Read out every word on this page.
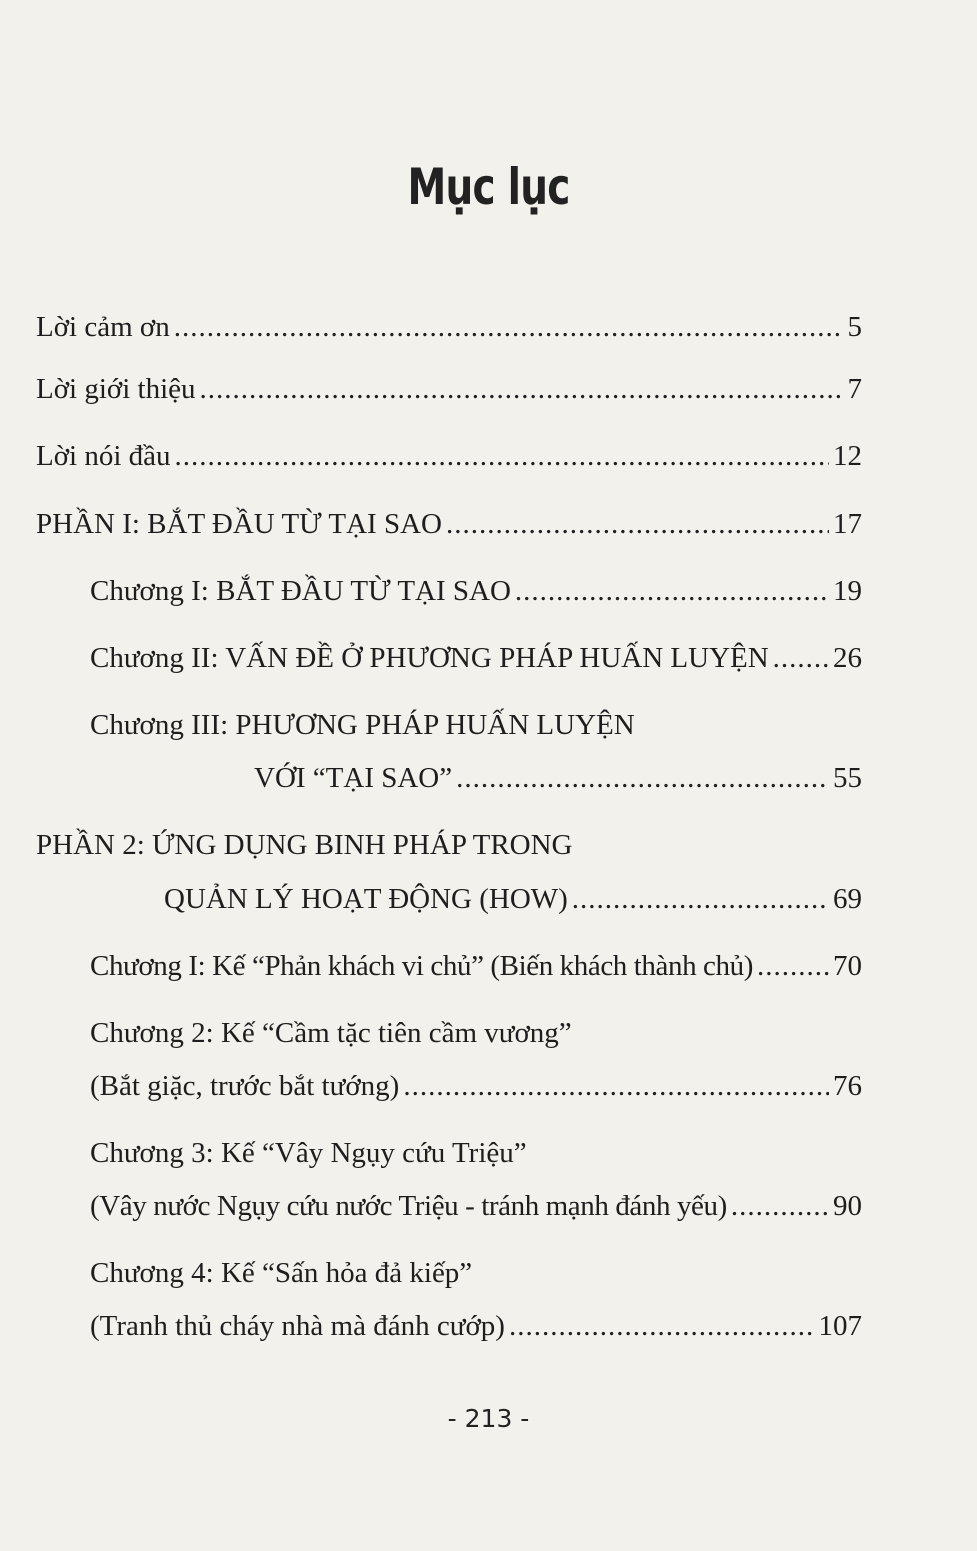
Mục lục
Lời cảm ơn .....	5
Lời giới thiệu .....	7
Lời nói đầu .....	12
PHẦN I: BẮT ĐẦU TỪ TẠI SAO .....	17
Chương I: BẮT ĐẦU TỪ TẠI SAO .....	19
Chương II: VẤN ĐỀ Ở PHƯƠNG PHÁP HUẤN LUYỆN ..... 26
Chương III: PHƯƠNG PHÁP HUẤN LUYỆN
VỚI “TẠI SAO” .....	55
PHẦN 2: ỨNG DỤNG BINH PHÁP TRONG
QUẢN LÝ HOẠT ĐỘNG (HOW) .....	69
Chương I: Kế “Phản khách vi chủ” (Biến khách thành chủ) .....	70
Chương 2: Kế “Cầm tặc tiên cầm vương”
(Bắt giặc, trước bắt tướng) .....	76
Chương 3: Kế “Vây Ngụy cứu Triệu”
(Vây nước Ngụy cứu nước Triệu - tránh mạnh đánh yếu) .....	90
Chương 4: Kế “Sấn hỏa đả kiếp”
(Tranh thủ cháy nhà mà đánh cướp) .....	107
- 213 -
